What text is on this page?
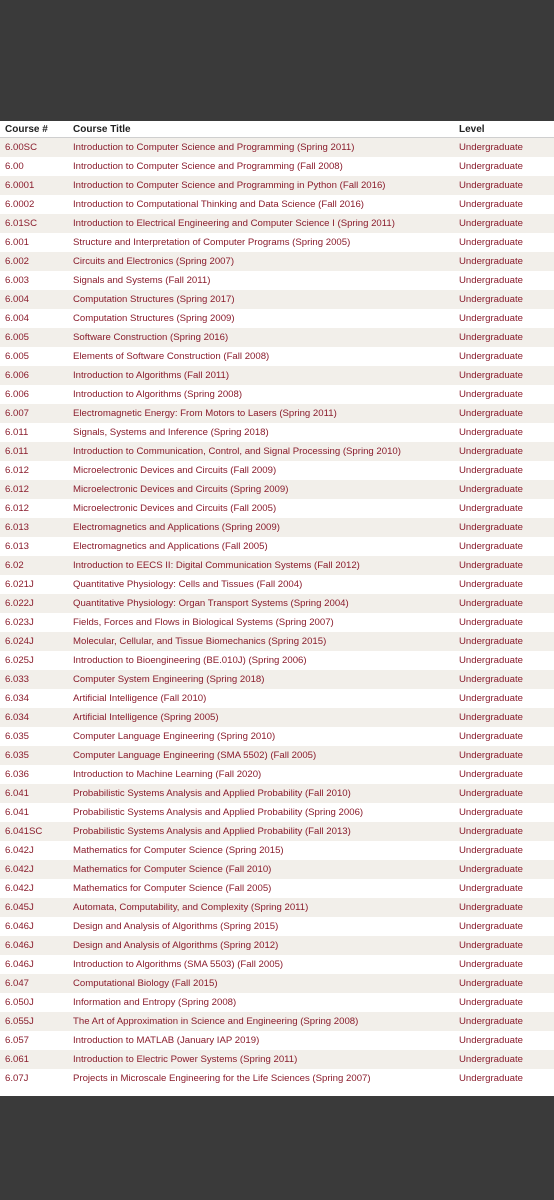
Course #	Course Title	Level
6.00SC	Introduction to Computer Science and Programming (Spring 2011)	Undergraduate
6.00	Introduction to Computer Science and Programming (Fall 2008)	Undergraduate
6.0001	Introduction to Computer Science and Programming in Python (Fall 2016)	Undergraduate
6.0002	Introduction to Computational Thinking and Data Science (Fall 2016)	Undergraduate
6.01SC	Introduction to Electrical Engineering and Computer Science I (Spring 2011)	Undergraduate
6.001	Structure and Interpretation of Computer Programs (Spring 2005)	Undergraduate
6.002	Circuits and Electronics (Spring 2007)	Undergraduate
6.003	Signals and Systems (Fall 2011)	Undergraduate
6.004	Computation Structures (Spring 2017)	Undergraduate
6.004	Computation Structures (Spring 2009)	Undergraduate
6.005	Software Construction (Spring 2016)	Undergraduate
6.005	Elements of Software Construction (Fall 2008)	Undergraduate
6.006	Introduction to Algorithms (Fall 2011)	Undergraduate
6.006	Introduction to Algorithms (Spring 2008)	Undergraduate
6.007	Electromagnetic Energy: From Motors to Lasers (Spring 2011)	Undergraduate
6.011	Signals, Systems and Inference (Spring 2018)	Undergraduate
6.011	Introduction to Communication, Control, and Signal Processing (Spring 2010)	Undergraduate
6.012	Microelectronic Devices and Circuits (Fall 2009)	Undergraduate
6.012	Microelectronic Devices and Circuits (Spring 2009)	Undergraduate
6.012	Microelectronic Devices and Circuits (Fall 2005)	Undergraduate
6.013	Electromagnetics and Applications (Spring 2009)	Undergraduate
6.013	Electromagnetics and Applications (Fall 2005)	Undergraduate
6.02	Introduction to EECS II: Digital Communication Systems (Fall 2012)	Undergraduate
6.021J	Quantitative Physiology: Cells and Tissues (Fall 2004)	Undergraduate
6.022J	Quantitative Physiology: Organ Transport Systems (Spring 2004)	Undergraduate
6.023J	Fields, Forces and Flows in Biological Systems (Spring 2007)	Undergraduate
6.024J	Molecular, Cellular, and Tissue Biomechanics (Spring 2015)	Undergraduate
6.025J	Introduction to Bioengineering (BE.010J) (Spring 2006)	Undergraduate
6.033	Computer System Engineering (Spring 2018)	Undergraduate
6.034	Artificial Intelligence (Fall 2010)	Undergraduate
6.034	Artificial Intelligence (Spring 2005)	Undergraduate
6.035	Computer Language Engineering (Spring 2010)	Undergraduate
6.035	Computer Language Engineering (SMA 5502) (Fall 2005)	Undergraduate
6.036	Introduction to Machine Learning (Fall 2020)	Undergraduate
6.041	Probabilistic Systems Analysis and Applied Probability (Fall 2010)	Undergraduate
6.041	Probabilistic Systems Analysis and Applied Probability (Spring 2006)	Undergraduate
6.041SC	Probabilistic Systems Analysis and Applied Probability (Fall 2013)	Undergraduate
6.042J	Mathematics for Computer Science (Spring 2015)	Undergraduate
6.042J	Mathematics for Computer Science (Fall 2010)	Undergraduate
6.042J	Mathematics for Computer Science (Fall 2005)	Undergraduate
6.045J	Automata, Computability, and Complexity (Spring 2011)	Undergraduate
6.046J	Design and Analysis of Algorithms (Spring 2015)	Undergraduate
6.046J	Design and Analysis of Algorithms (Spring 2012)	Undergraduate
6.046J	Introduction to Algorithms (SMA 5503) (Fall 2005)	Undergraduate
6.047	Computational Biology (Fall 2015)	Undergraduate
6.050J	Information and Entropy (Spring 2008)	Undergraduate
6.055J	The Art of Approximation in Science and Engineering (Spring 2008)	Undergraduate
6.057	Introduction to MATLAB (January IAP 2019)	Undergraduate
6.061	Introduction to Electric Power Systems (Spring 2011)	Undergraduate
6.07J	Projects in Microscale Engineering for the Life Sciences (Spring 2007)	Undergraduate
